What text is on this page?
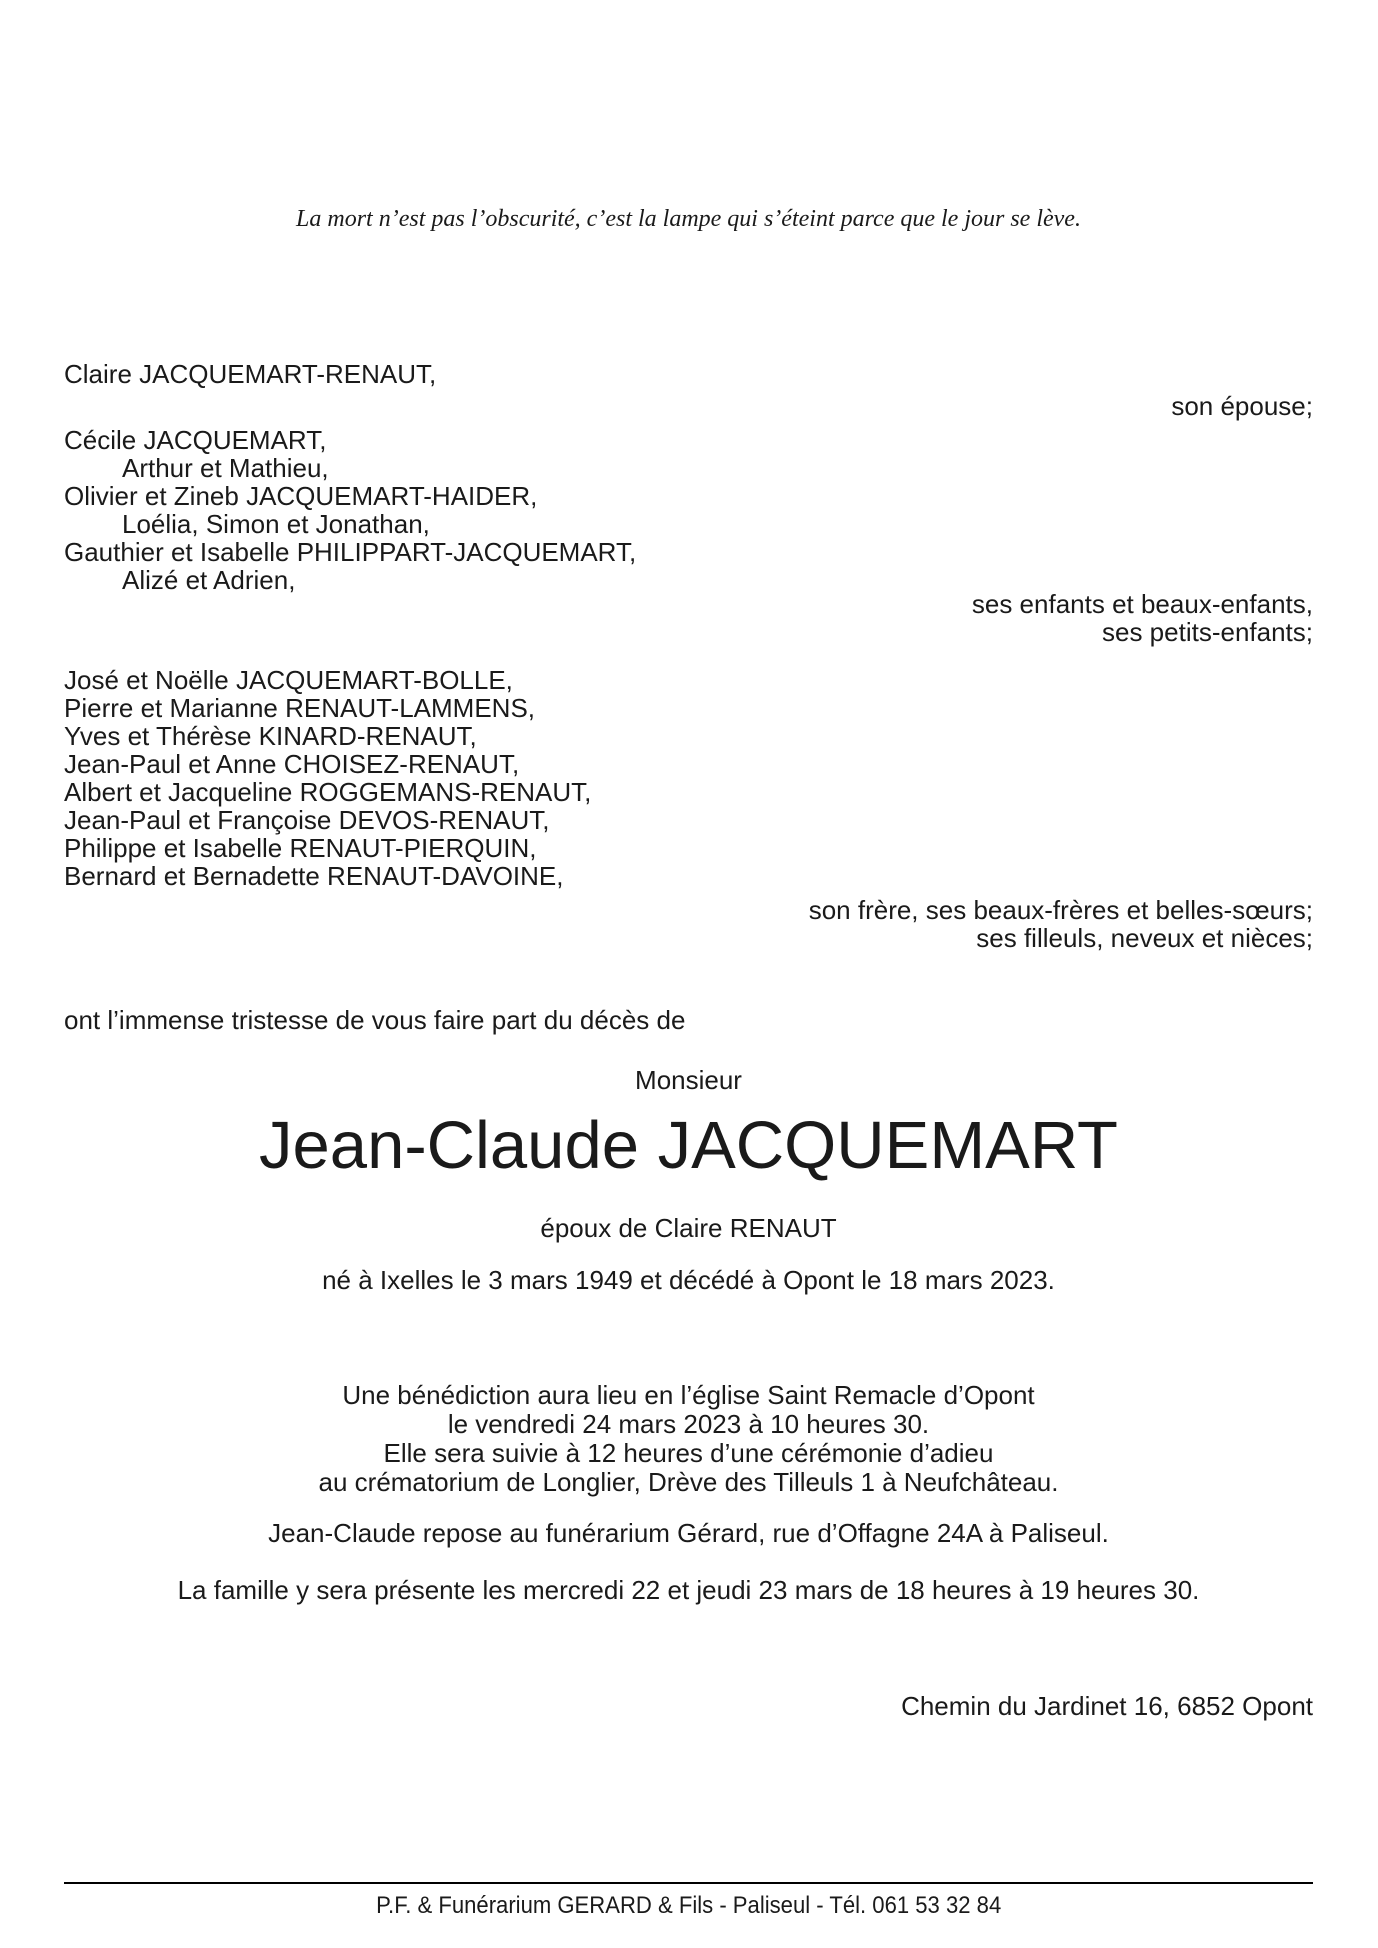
La mort n’est pas l’obscurité, c’est la lampe qui s’éteint parce que le jour se lève.
Claire JACQUEMART-RENAUT,
son épouse;
Cécile JACQUEMART,
Arthur et Mathieu,
Olivier et Zineb JACQUEMART-HAIDER,
Loélia, Simon et Jonathan,
Gauthier et Isabelle PHILIPPART-JACQUEMART,
Alizé et Adrien,
ses enfants et beaux-enfants,
ses petits-enfants;
José et Noëlle JACQUEMART-BOLLE,
Pierre et Marianne RENAUT-LAMMENS,
Yves et Thérèse KINARD-RENAUT,
Jean-Paul et Anne CHOISEZ-RENAUT,
Albert et Jacqueline ROGGEMANS-RENAUT,
Jean-Paul et Françoise DEVOS-RENAUT,
Philippe et Isabelle RENAUT-PIERQUIN,
Bernard et Bernadette RENAUT-DAVOINE,
son frère, ses beaux-frères et belles-sœurs;
ses filleuls, neveux et nièces;
ont l’immense tristesse de vous faire part du décès de
Monsieur
Jean-Claude JACQUEMART
époux de Claire RENAUT
né à Ixelles le 3 mars 1949 et décédé à Opont le 18 mars 2023.
Une bénédiction aura lieu en l’église Saint Remacle d’Opont
le vendredi 24 mars 2023 à 10 heures 30.
Elle sera suivie à 12 heures d’une cérémonie d’adieu
au crématorium de Longlier, Drève des Tilleuls 1 à Neufchâteau.
Jean-Claude repose au funérarium Gérard, rue d’Offagne 24A à Paliseul.
La famille y sera présente les mercredi 22 et jeudi 23 mars de 18 heures à 19 heures 30.
Chemin du Jardinet 16, 6852 Opont
P.F. & Funérarium GERARD & Fils - Paliseul - Tél. 061 53 32 84
